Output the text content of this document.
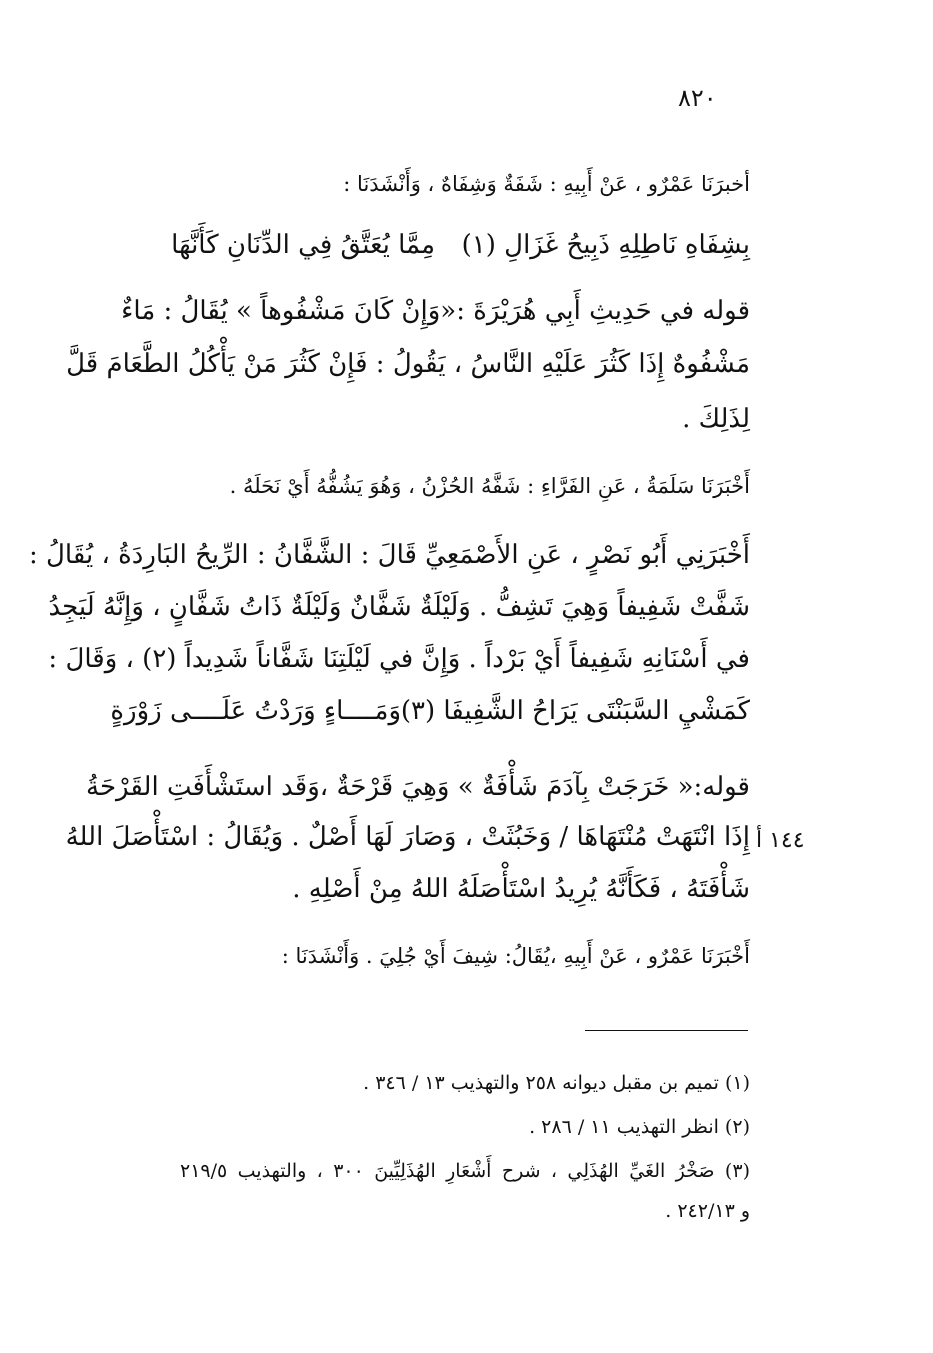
٨٢٠
أخبرَنَا عَمْرٌو ، عَنْ أَبِيهِ : شَفَةٌ وَشِفَاهٌ ، وَأَنْشَدَنَا :
مِمَّا يُعَتَّقُ فِي الدِّنَانِ كَأَنَّهَا بِشِفَاهِ نَاطِلِهِ ذَبِيحُ غَزَالِ (١)
قوله في حَدِيثِ أَبِي هُرَيْرَةَ :«وَإِنْ كَانَ مَشْفُوهاً » يُقَالُ : مَاءٌ
مَشْفُوهٌ إِذَا كَثُرَ عَلَيْهِ النَّاسُ ، يَقُولُ : فَإِنْ كَثُرَ مَنْ يَأْكُلُ الطَّعَامَ قَلَّ
لِذَلِكَ .
أَخْبَرَنَا سَلَمَةُ ، عَنِ الفَرَّاءِ : شَفَّهُ الحُزْنُ ، وَهُوَ يَشُفُّهُ أَيْ نَحَلَهُ .
أَخْبَرَنِي أَبُو نَصْرٍ ، عَنِ الأَصْمَعِيِّ قَالَ : الشَّفَّانُ : الرِّيحُ البَارِدَةُ ، يُقَالُ :
شَفَّتْ شَفِيفاً وَهِيَ تَشِفُّ . وَلَيْلَةٌ شَفَّانٌ وَلَيْلَةٌ ذَاتُ شَفَّانٍ ، وَإِنَّهُ لَيَجِدُ
في أَسْنَانِهِ شَفِيفاً أَيْ بَرْداً . وَإِنَّ في لَيْلَتِنَا شَفَّاناً شَدِيداً (٢) ، وَقَالَ :
وَمَــــاءٍ وَرَدْتُ عَلَــــى زَوْرَةٍ كَمَشْيِ السَّبَنْتَى يَرَاحُ الشَّفِيفَا (٣)
قوله:« خَرَجَتْ بِآدَمَ شَأْفَةٌ » وَهِيَ قَرْحَةٌ ،وَقَد استَشْأَفَتِ القَرْحَةُ
١٤٤ أ
إِذَا انْتَهَتْ مُنْتَهَاهَا / وَخَبُثَتْ ، وَصَارَ لَهَا أَصْلٌ . وَيُقَالُ : اسْتَأْصَلَ اللهُ
شَأْفَتَهُ ، فَكَأَنَّهُ يُرِيدُ اسْتَأْصَلَهُ اللهُ مِنْ أَصْلِهِ .
أَخْبَرَنَا عَمْرٌو ، عَنْ أَبِيهِ ،يُقَالُ: شِيفَ أَيْ جُلِيَ . وَأَنْشَدَنَا :
(١) تميم بن مقبل ديوانه ٢٥٨ والتهذيب ١٣ / ٣٤٦ .
(٢) انظر التهذيب ١١ / ٢٨٦ .
(٣) صَخْرُ الغَيِّ الهُذَلِي ، شرح أَشْعَارِ الهُذَلِيِّينَ ٣٠٠ ، والتهذيب ٢١٩/٥
و ٢٤٢/١٣ .
